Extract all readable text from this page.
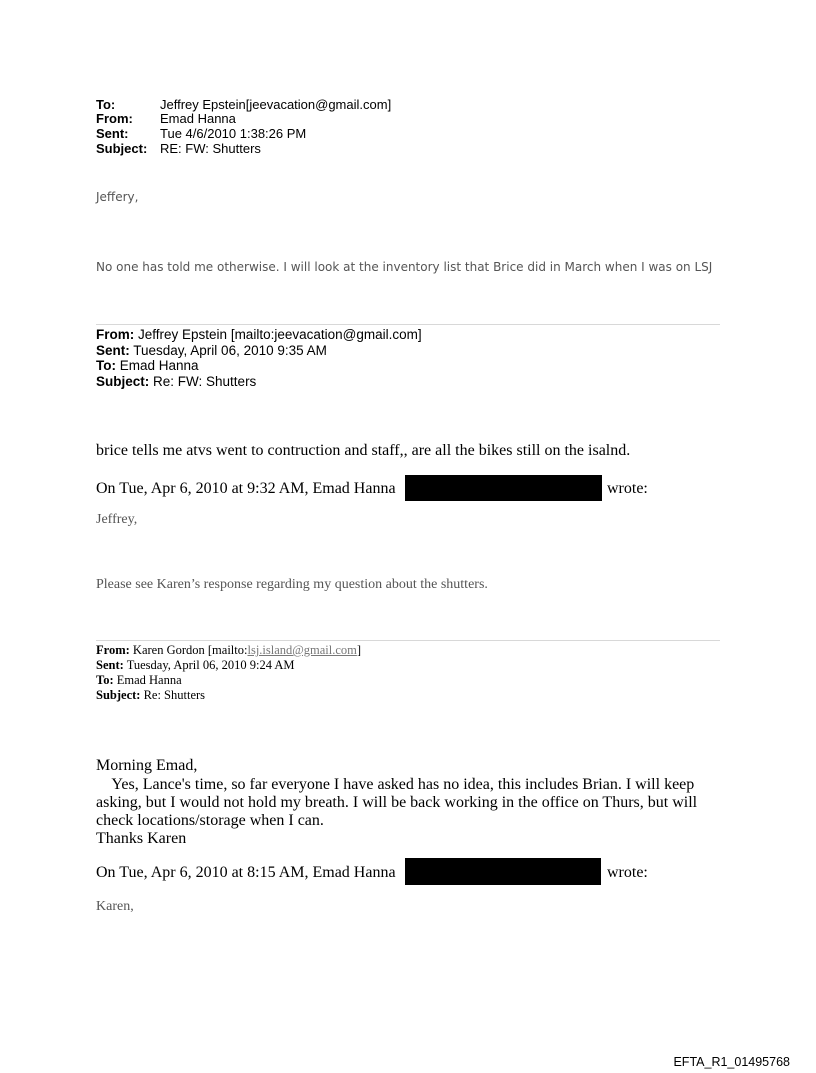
To:	Jeffrey Epstein[jeevacation@gmail.com]
From: Emad Hanna
Sent: Tue 4/6/2010 1:38:26 PM
Subject: RE: FW: Shutters
Jeffery,
No one has told me otherwise. I will look at the inventory list that Brice did in March when I was on LSJ
From: Jeffrey Epstein [mailto:jeevacation@gmail.com]
Sent: Tuesday, April 06, 2010 9:35 AM
To: Emad Hanna
Subject: Re: FW: Shutters
brice tells me atvs went to contruction and staff,, are all the bikes still on the isalnd.
On Tue, Apr 6, 2010 at 9:32 AM, Emad Hanna	wrote:
Jeffrey,
Please see Karen’s response regarding my question about the shutters.
From: Karen Gordon [mailto:lsj.island@gmail.com]
Sent: Tuesday, April 06, 2010 9:24 AM
To: Emad Hanna
Subject: Re: Shutters
Morning Emad,
Yes, Lance's time, so far everyone I have asked has no idea, this includes Brian. I will keep
asking, but I would not hold my breath. I will be back working in the office on Thurs, but will
check locations/storage when I can.
Thanks Karen
On Tue, Apr 6, 2010 at 8:15 AM, Emad Hanna	wrote:
Karen,
EFTA_R1_01495768
